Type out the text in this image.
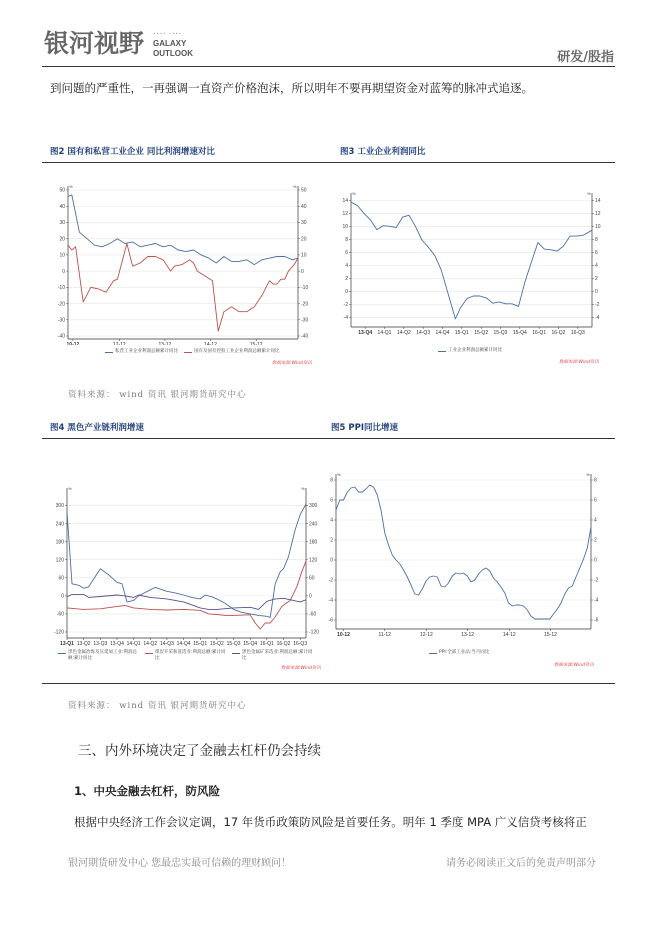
银河视野 •••• ••••
GALAXY
OUTLOOK	研发/股指
到问题的严重性，一再强调一直资产价格泡沫，所以明年不要再期望资金对蓝筹的脉冲式追逐。
图2 国有和私营工业企业 同比利润增速对比	图3 工业企业利润同比
-40	-40
-30	-30
-20	-20
-10	-10
0	0
10	10
20	20
30	30
40	40
50	50
%	%
10-12	12-12	13-12	14-12	15-12
私营工业企业利润总额累计同比	国有及国有控股工业企业利润总额累计同比
数据来源:Wind资讯
-4	-4
-2	-2
0	0
2	2
4	4
6	6
8	8
10	10
12	12
14	14
%	%
13-Q4 14-Q1 14-Q2 14-Q3 14-Q4 15-Q1 15-Q2 15-Q3 15-Q4 16-Q1 16-Q2 16-Q3
工业企业利润总额累计同比
数据来源:Wind资讯
资料来源： wind 资讯 银河期货研究中心
图4 黑色产业链利润增速	图5 PPI同比增速
-120	-120
-60	-60
0	0
60	60
120	120
180	180
240	240
300	300
%	%
13-Q1 13-Q2 13-Q3 13-Q4 14-Q1 14-Q2 14-Q3 14-Q4 15-Q1 15-Q2 15-Q3 15-Q4 16-Q1 16-Q2 16-Q3
黑色金属冶炼及压延加工业:利润总额:累计同比
煤炭开采和洗选业:利润总额:累计同比
黑色金属矿采选业:利润总额:累计同比
数据来源:Wind资讯
-6	-6
-4	-4
-2	-2
0	0
2	2
4	4
6	6
8	8
%	%
10-12	11-12	12-12	13-12	14-12	15-12
PPI:全部工业品:当月同比
数据来源:Wind资讯
资料来源： wind 资讯 银河期货研究中心
三、内外环境决定了金融去杠杆仍会持续
1、中央金融去杠杆，防风险
根据中央经济工作会议定调，17 年货币政策防风险是首要任务。明年 1 季度 MPA 广义信贷考核将正
银河期货研发中心 您最忠实最可信赖的理财顾问！	请务必阅读正文后的免责声明部分
